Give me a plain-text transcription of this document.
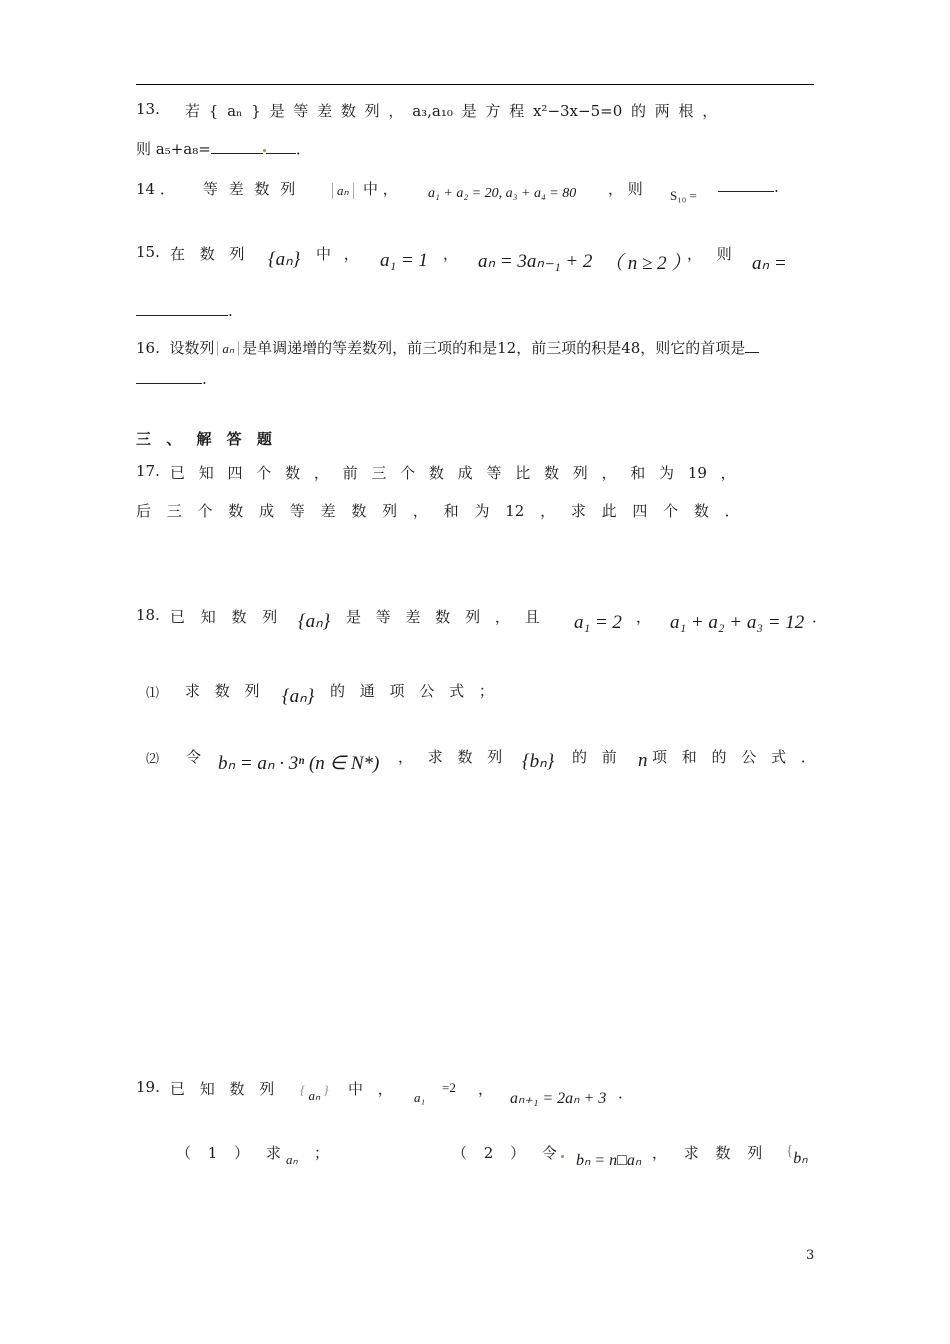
13. 若 { aₙ } 是 等 差 数 列 ， a₃,a₁₀ 是 方 程 x²−3x−5=0 的 两 根 ，
则 a₅+a₈=	．
14 ． 等 差 数 列	aₙ 中 ， a₁ + a₂ = 20, a₃ + a₄ = 80 ， 则 S₁₀ =	.
15. 在 数 列 {aₙ} 中 ， a₁ = 1 ， aₙ = 3aₙ₋₁ + 2 （ n ≥ 2 ）
， 则 aₙ =
.
16. 设数列 aₙ 是单调递增的等差数列，前三项的和是12，前三项的积是48，则它的首项是
.
三 、 解 答 题
17. 已 知 四 个 数 ， 前 三 个 数 成 等 比 数 列 ， 和 为 19 ，
后 三 个 数 成 等 差 数 列 ， 和 为 12 ， 求 此 四 个 数 ．
18. 已 知 数 列 {aₙ} 是 等 差 数 列 ， 且 a₁ = 2 ， a₁ + a₂ + a₃ = 12 ．
⑴ 求 数 列 {aₙ} 的 通 项 公 式 ；
⑵ 令 bₙ = aₙ · 3ⁿ (n ∈ N*) ， 求 数 列 {bₙ} 的 前 n 项 和 的 公 式 ．
19. 已 知 数 列 { aₙ } 中 ， a₁
=2 ，
aₙ₊₁ = 2aₙ + 3 ．
（ 1 ） 求 aₙ ；	（ 2 ） 令 bₙ = n□aₙ ， 求 数 列 {bₙ
3
